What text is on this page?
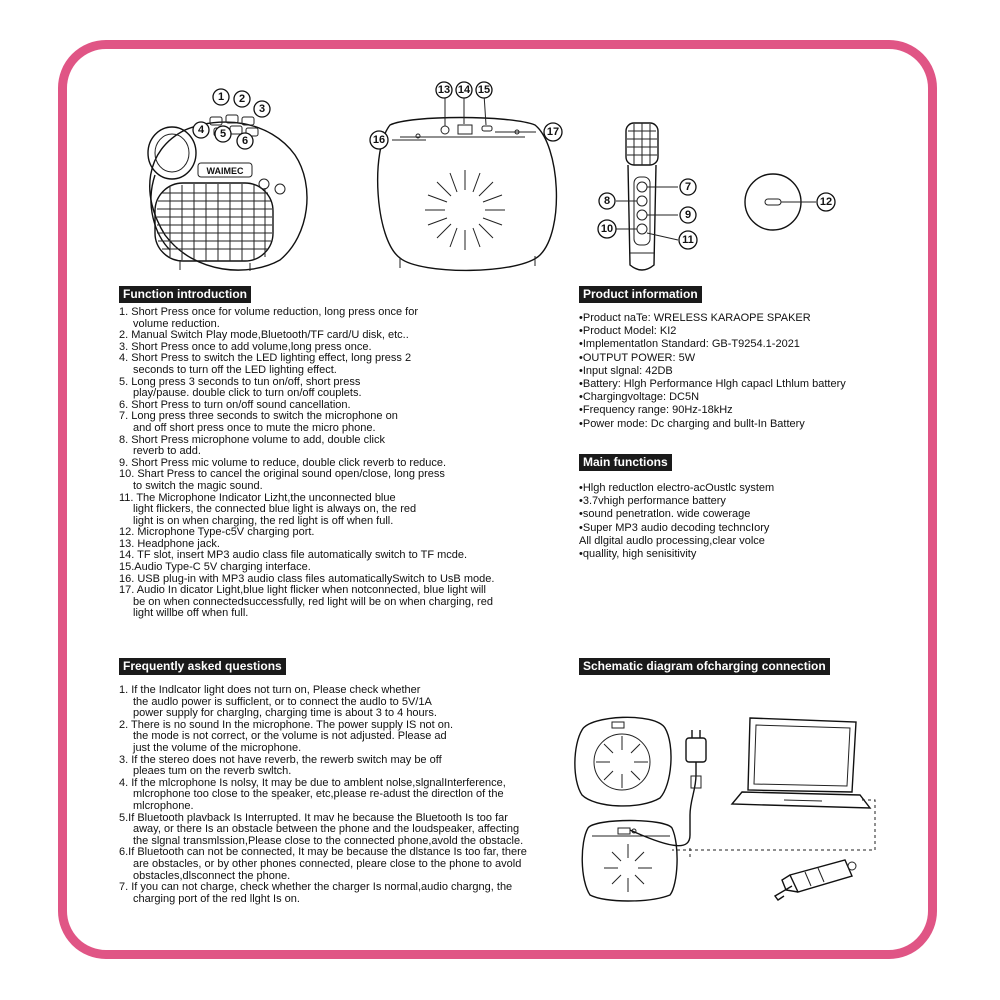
WAIMEC
1 2
3
4 5
6
13 14 15
16
17
7
8
9
10
11
12
Function introduction
1. Short Press once for volume reduction, long press once for
volume reduction.
2. Manual Switch Play mode,Bluetooth/TF card/U disk, etc..
3. Short Press once to add volume,long press once.
4. Short Press to switch the LED lighting effect, long press 2
seconds to turn off the LED lighting effect.
5. Long press 3 seconds to tun on/off, short press
play/pause. double click to turn on/off couplets.
6. Short Press to turn on/off sound cancellation.
7. Long press three seconds to switch the microphone on
and off short press once to mute the micro phone.
8. Short Press microphone volume to add, double click
reverb to add.
9. Short Press mic volume to reduce, double click reverb to reduce.
10. Shart Press to cancel the original sound open/close, long press
to switch the magic sound.
11. The Microphone Indicator Lizht,the unconnected blue
light flickers, the connected blue light is always on, the red
light is on when charging, the red light is off when full.
12. Microphone Type-c5V charging port.
13. Headphone jack.
14. TF slot, insert MP3 audio class file automatically switch to TF mcde.
15.Audio Type-C 5V charging interface.
16. USB plug-in with MP3 audio class files automaticallySwitch to UsB mode.
17. Audio In dicator Light,blue light flicker when notconnected, blue light will
be on when connectedsuccessfully, red light will be on when charging, red
light willbe off when full.
Product information
•Product naTe: WRELESS KARAOPE SPAKER
•Product Model: KI2
•Implementatlon Standard: GB-T9254.1-2021
•OUTPUT POWER: 5W
•Input slgnal: 42DB
•Battery: Hlgh Performance Hlgh capacl Lthlum battery
•Chargingvoltage: DC5N
•Frequency range: 90Hz-18kHz
•Power mode: Dc charging and bullt-In Battery
Main functions
•Hlgh reductlon electro-acOustlc system
•3.7vhigh performance battery
•sound penetratlon. wide cowerage
•Super MP3 audio decoding techncIory
All dlgital audlo processing,clear volce
•quallity, high senisitivity
Frequently asked questions
1. If the Indlcator light does not turn on, Please check whether
the audlo power is sufficlent, or to connect the audlo to 5V/1A
power supply for charglng, charging time is about 3 to 4 hours.
2. There is no sound In the microphone. The power supply IS not on.
the mode is not correct, or the volume is not adjusted. Please ad
just the volume of the microphone.
3. If the stereo does not have reverb, the rewerb switch may be off
pleaes tum on the reverb swltch.
4. If the mlcrophone Is nolsy, It may be due to amblent nolse,slgnalInterference,
mlcrophone too close to the speaker, etc,pIease re-adust the directlon of the
mlcrophone.
5.If Bluetooth plavback Is Interrupted. It mav he because the Bluetooth Is too far
away, or there Is an obstacle between the phone and the loudspeaker, affecting
the slgnal transmlssion,Please close to the connected phone,avold the obstacle.
6.If Bluetooth can not be connected, It may be because the dlstance Is too far, there
are obstacles, or by other phones connected, pleare close to the phone to avold
obstacles,dlsconnect the phone.
7. If you can not charge, check whether the charger Is normal,audio chargng, the
charging port of the red llght Is on.
Schematic diagram ofcharging connection
